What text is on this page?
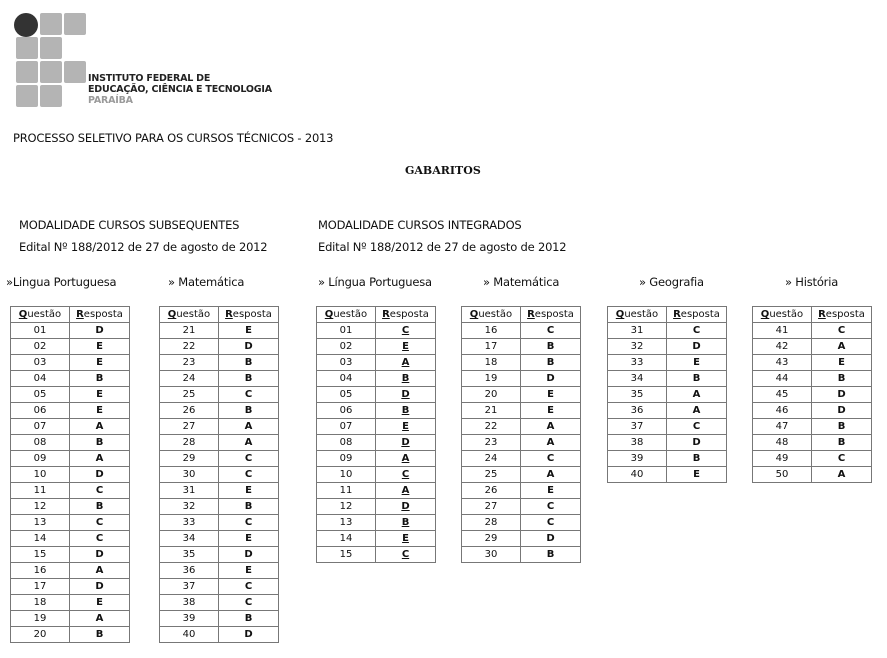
INSTITUTO FEDERAL DE
EDUCAÇÃO, CIÊNCIA E TECNOLOGIA
PARAÍBA
PROCESSO SELETIVO PARA OS CURSOS TÉCNICOS - 2013
GABARITOS
MODALIDADE CURSOS SUBSEQUENTES
Edital Nº 188/2012 de 27 de agosto de 2012
MODALIDADE CURSOS INTEGRADOS
Edital Nº 188/2012 de 27 de agosto de 2012
»Lingua Portuguesa	» Matemática	» Língua Portuguesa	» Matemática	» Geografia	» História
Questão	Resposta
01	D
02	E
03	E
04	B
05	E
06	E
07	A
08	B
09	A
10	D
11	C
12	B
13	C
14	C
15	D
16	A
17	D
18	E
19	A
20	B
Questão	Resposta
21	E
22	D
23	B
24	B
25	C
26	B
27	A
28	A
29	C
30	C
31	E
32	B
33	C
34	E
35	D
36	E
37	C
38	C
39	B
40	D
Questão	Resposta
01	C
02	E
03	A
04	B
05	D
06	B
07	E
08	D
09	A
10	C
11	A
12	D
13	B
14	E
15	C
Questão	Resposta
16	C
17	B
18	B
19	D
20	E
21	E
22	A
23	A
24	C
25	A
26	E
27	C
28	C
29	D
30	B
Questão	Resposta
31	C
32	D
33	E
34	B
35	A
36	A
37	C
38	D
39	B
40	E
Questão	Resposta
41	C
42	A
43	E
44	B
45	D
46	D
47	B
48	B
49	C
50	A
